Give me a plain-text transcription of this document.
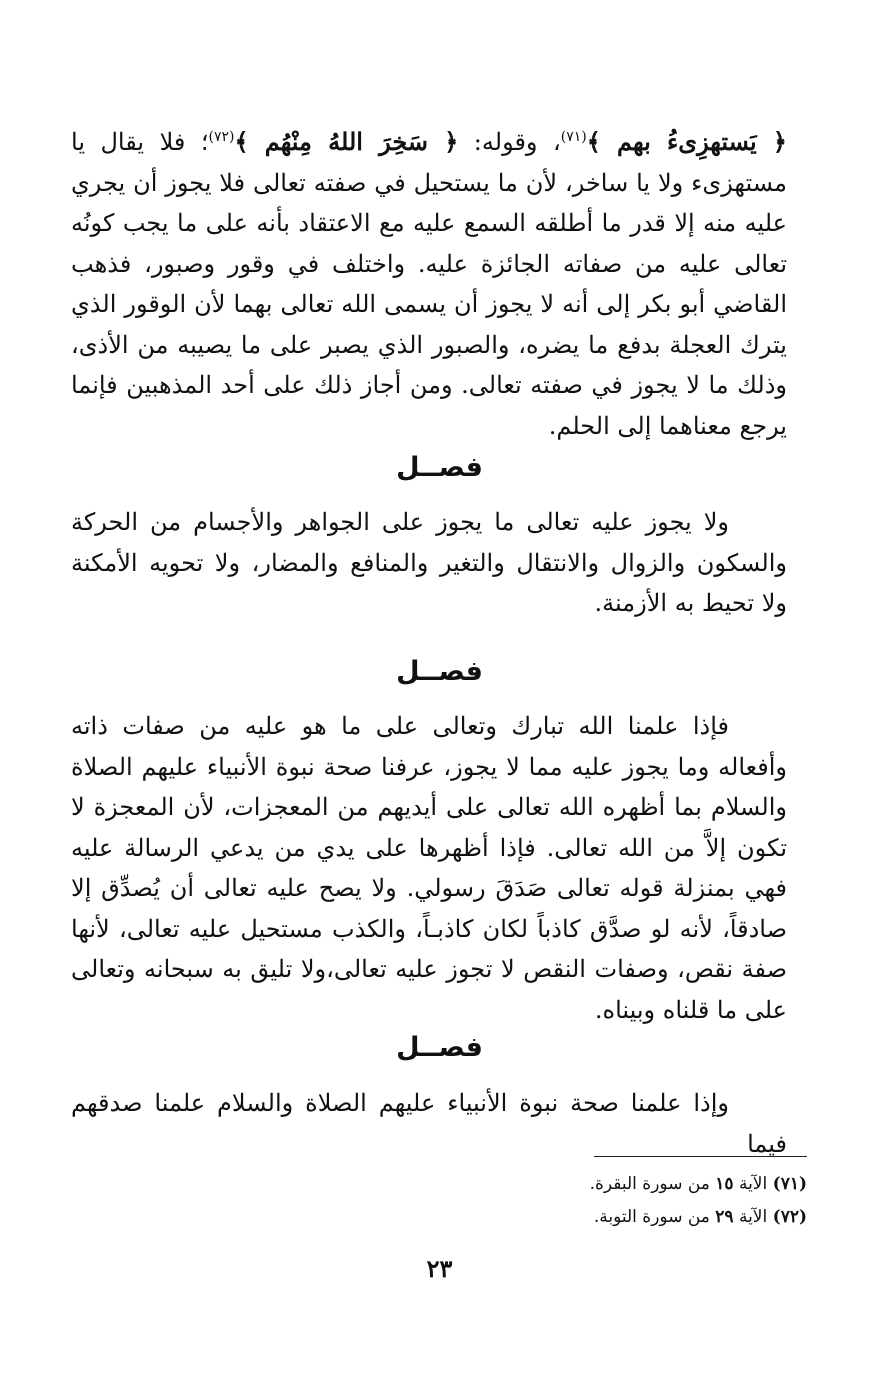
﴿ يَستهزِىءُ بهم ﴾$^{(٧١)}$، وقوله: ﴿ سَخِرَ اللهُ مِنْهُم ﴾$^{(٧٢)}$؛ فلا يقال يا مستهزىء ولا يا ساخر، لأن ما يستحيل في صفته تعالى فلا يجوز أن يجري عليه منه إلا قدر ما أطلقه السمع عليه مع الاعتقاد بأنه على ما يجب كونُه تعالى عليه من صفاته الجائزة عليه. واختلف في وقور وصبور، فذهب القاضي أبو بكر إلى أنه لا يجوز أن يسمى الله تعالى بهما لأن الوقور الذي يترك العجلة بدفع ما يضره، والصبور الذي يصبر على ما يصيبه من الأذى، وذلك ما لا يجوز في صفته تعالى. ومن أجاز ذلك على أحد المذهبين فإنما يرجع معناهما إلى الحلم.

فصــل

ولا يجوز عليه تعالى ما يجوز على الجواهر والأجسام من الحركة والسكون والزوال والانتقال والتغير والمنافع والمضار، ولا تحويه الأمكنة ولا تحيط به الأزمنة.

فصــل

فإذا علمنا الله تبارك وتعالى على ما هو عليه من صفات ذاته وأفعاله وما يجوز عليه مما لا يجوز، عرفنا صحة نبوة الأنبياء عليهم الصلاة والسلام بما أظهره الله تعالى على أيديهم من المعجزات، لأن المعجزة لا تكون إلاَّ من الله تعالى. فإذا أظهرها على يدي من يدعي الرسالة عليه فهي بمنزلة قوله تعالى صَدَقَ رسولي. ولا يصح عليه تعالى أن يُصدِّق إلا صادقاً، لأنه لو صدَّق كاذباً لكان كاذبـاً، والكذب مستحيل عليه تعالى، لأنها صفة نقص، وصفات النقص لا تجوز عليه تعالى،ولا تليق به سبحانه وتعالى على ما قلناه وبيناه.

فصــل

وإذا علمنا صحة نبوة الأنبياء عليهم الصلاة والسلام علمنا صدقهم فيما

(٧١) الآية ١٥ من سورة البقرة.
(٧٢) الآية ٢٩ من سورة التوبة.
٢٣
